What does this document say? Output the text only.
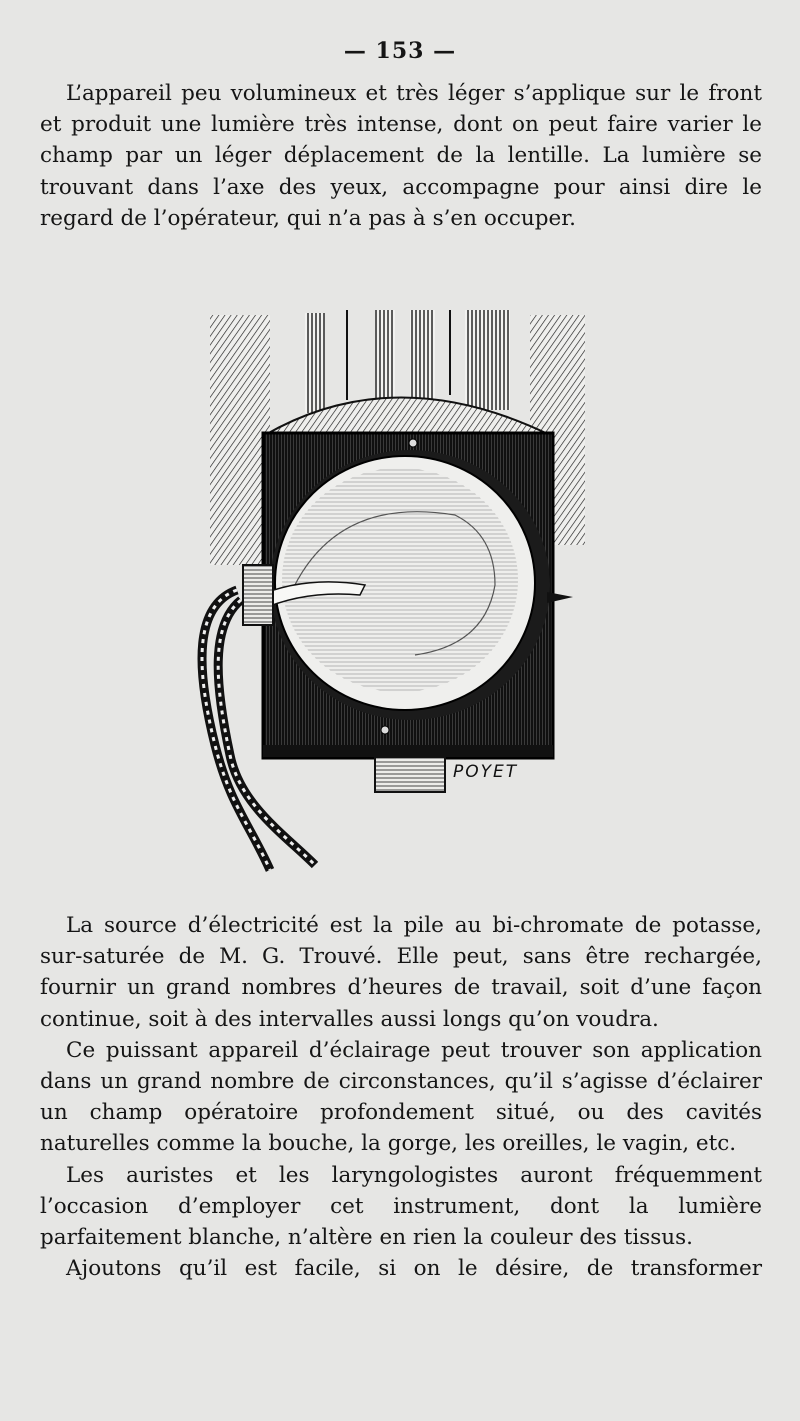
— 153 —

L’appareil peu volumineux et très léger s’applique sur le front et produit une lumière très intense, dont on peut faire varier le champ par un léger déplacement de la lentille. La lumière se trouvant dans l’axe des yeux, accompagne pour ainsi dire le regard de l’opérateur, qui n’a pas à s’en occuper.

POYET

La source d’électricité est la pile au bi-chromate de potasse, sur-saturée de M. G. Trouvé. Elle peut, sans être rechargée, fournir un grand nombres d’heures de travail, soit d’une façon continue, soit à des intervalles aussi longs qu’on voudra.

Ce puissant appareil d’éclairage peut trouver son application dans un grand nombre de circonstances, qu’il s’agisse d’éclairer un champ opératoire profondement situé, ou des cavités naturelles comme la bouche, la gorge, les oreilles, le vagin, etc.

Les auristes et les laryngologistes auront fréquemment l’occasion d’employer cet instrument, dont la lumière parfaitement blanche, n’altère en rien la couleur des tissus.

Ajoutons qu’il est facile, si on le désire, de transformer
